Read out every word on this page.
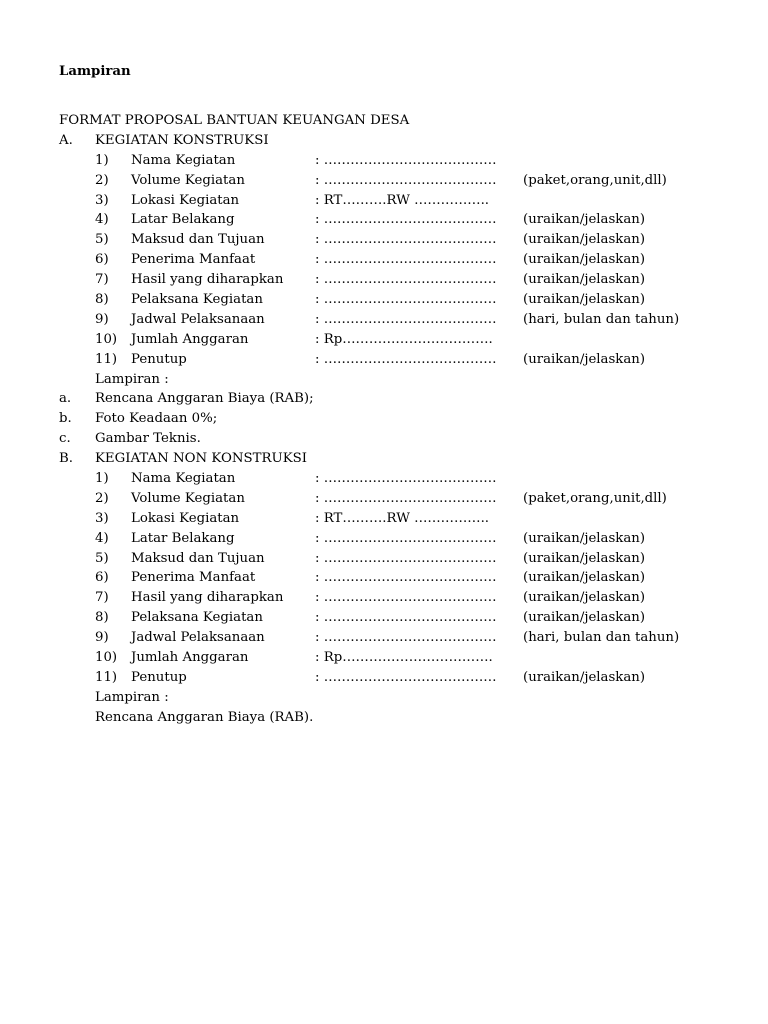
Lampiran
FORMAT PROPOSAL BANTUAN KEUANGAN DESA
A. KEGIATAN KONSTRUKSI
1) Nama Kegiatan	: …………………………………
2) Volume Kegiatan	: ………………………………… (paket,orang,unit,dll)
3) Lokasi Kegiatan	: RT……….RW ……………..
4) Latar Belakang	: ………………………………… (uraikan/jelaskan)
5) Maksud dan Tujuan	: ………………………………… (uraikan/jelaskan)
6) Penerima Manfaat	: ………………………………… (uraikan/jelaskan)
7) Hasil yang diharapkan : ………………………………… (uraikan/jelaskan)
8) Pelaksana Kegiatan	: ………………………………… (uraikan/jelaskan)
9) Jadwal Pelaksanaan	: ………………………………… (hari, bulan dan tahun)
10) Jumlah Anggaran	: Rp…………………………….
11) Penutup	: ………………………………… (uraikan/jelaskan)
Lampiran :
a. Rencana Anggaran Biaya (RAB);
b. Foto Keadaan 0%;
c. Gambar Teknis.
B. KEGIATAN NON KONSTRUKSI
1) Nama Kegiatan	: …………………………………
2) Volume Kegiatan	: ………………………………… (paket,orang,unit,dll)
3) Lokasi Kegiatan	: RT……….RW ……………..
4) Latar Belakang	: ………………………………… (uraikan/jelaskan)
5) Maksud dan Tujuan	: ………………………………… (uraikan/jelaskan)
6) Penerima Manfaat	: ………………………………… (uraikan/jelaskan)
7) Hasil yang diharapkan : ………………………………… (uraikan/jelaskan)
8) Pelaksana Kegiatan	: ………………………………… (uraikan/jelaskan)
9) Jadwal Pelaksanaan	: ………………………………… (hari, bulan dan tahun)
10) Jumlah Anggaran	: Rp…………………………….
11) Penutup	: ………………………………… (uraikan/jelaskan)
Lampiran :
Rencana Anggaran Biaya (RAB).
